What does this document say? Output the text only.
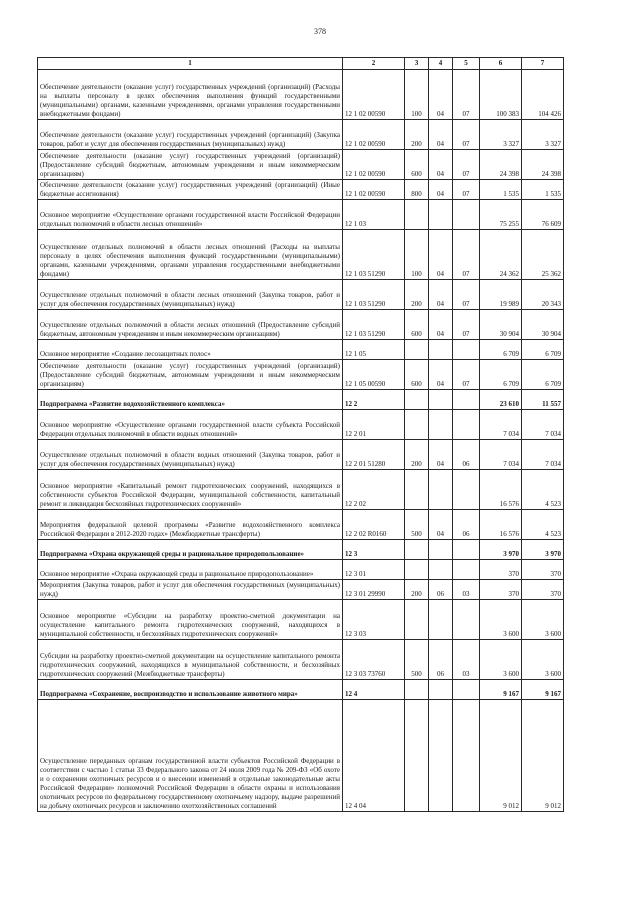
378
1	2	3	4	5	6	7
Обеспечение деятельности (оказание услуг) государственных учреждений (организаций) (Расходы на выплаты персоналу в целях обеспечения выполнения функций государственными (муниципальными) органами, казенными учреждениями, органами управления государственными внебюджетными фондами)	12 1 02 00590	100	04	07	100 383	104 426
Обеспечение деятельности (оказание услуг) государственных учреждений (организаций) (Закупка товаров, работ и услуг для обеспечения государственных (муниципальных) нужд)	12 1 02 00590	200	04	07	3 327	3 327
Обеспечение деятельности (оказание услуг) государственных учреждений (организаций) (Предоставление субсидий бюджетным, автономным учреждениям и иным некоммерческим организациям)	12 1 02 00590	600	04	07	24 398	24 398
Обеспечение деятельности (оказание услуг) государственных учреждений (организаций) (Иные бюджетные ассигнования)	12 1 02 00590	800	04	07	1 535	1 535
Основное мероприятие «Осуществление органами государственной власти Российской Федерации отдельных полномочий в области лесных отношений»	12 1 03				75 255	76 609
Осуществление отдельных полномочий в области лесных отношений (Расходы на выплаты персоналу в целях обеспечения выполнения функций государственными (муниципальными) органами, казенными учреждениями, органами управления государственными внебюджетными фондами)	12 1 03 51290	100	04	07	24 362	25 362
Осуществление отдельных полномочий в области лесных отношений (Закупка товаров, работ и услуг для обеспечения государственных (муниципальных) нужд)	12 1 03 51290	200	04	07	19 989	20 343
Осуществление отдельных полномочий в области лесных отношений (Предоставление субсидий бюджетным, автономным учреждениям и иным некоммерческим организациям)	12 1 03 51290	600	04	07	30 904	30 904
Основное мероприятие «Создание лесозащитных полос»	12 1 05				6 709	6 709
Обеспечение деятельности (оказание услуг) государственных учреждений (организаций) (Предоставление субсидий бюджетным, автономным учреждениям и иным некоммерческим организациям)	12 1 05 00590	600	04	07	6 709	6 709
Подпрограмма «Развитие водохозяйственного комплекса»	12 2				23 610	11 557
Основное мероприятие «Осуществление органами государственной власти субъекта Российской Федерации отдельных полномочий в области водных отношений»	12 2 01				7 034	7 034
Осуществление отдельных полномочий в области водных отношений (Закупка товаров, работ и услуг для обеспечения государственных (муниципальных) нужд)	12 2 01 51280	200	04	06	7 034	7 034
Основное мероприятие «Капитальный ремонт гидротехнических сооружений, находящихся в собственности субъектов Российской Федерации, муниципальной собственности, капитальный ремонт и ликвидация бесхозяйных гидротехнических сооружений»	12 2 02				16 576	4 523
Мероприятия федеральной целевой программы «Развитие водохозяйственного комплекса Российской Федерации в 2012-2020 годах» (Межбюджетные трансферты)	12 2 02 R0160	500	04	06	16 576	4 523
Подпрограмма «Охрана окружающей среды и рациональное природопользование»	12 3				3 970	3 970
Основное мероприятие «Охрана окружающей среды и рациональное природопользование»	12 3 01				370	370
Мероприятия (Закупка товаров, работ и услуг для обеспечения государственных (муниципальных) нужд)	12 3 01 29990	200	06	03	370	370
Основное мероприятие «Субсидии на разработку проектно-сметной документации на осуществление капитального ремонта гидротехнических сооружений, находящихся в муниципальной собственности, и бесхозяйных гидротехнических сооружений»	12 3 03				3 600	3 600
Субсидии на разработку проектно-сметной документации на осуществление капитального ремонта гидротехнических сооружений, находящихся в муниципальной собственности, и бесхозяйных гидротехнических сооружений (Межбюджетные трансферты)	12 3 03 73760	500	06	03	3 600	3 600
Подпрограмма «Сохранение, воспроизводство и использование животного мира»	12 4				9 167	9 167
Осуществление переданных органам государственной власти субъектов Российской Федерации в соответствии с частью 1 статьи 33 Федерального закона от 24 июля 2009 года № 209-ФЗ «Об охоте и о сохранении охотничьих ресурсов и о внесении изменений в отдельные законодательные акты Российской Федерации» полномочий Российской Федерации в области охраны и использования охотничьих ресурсов по федеральному государственному охотничьему надзору, выдаче разрешений на добычу охотничьих ресурсов и заключению охотхозяйственных соглашений	12 4 04				9 012	9 012
